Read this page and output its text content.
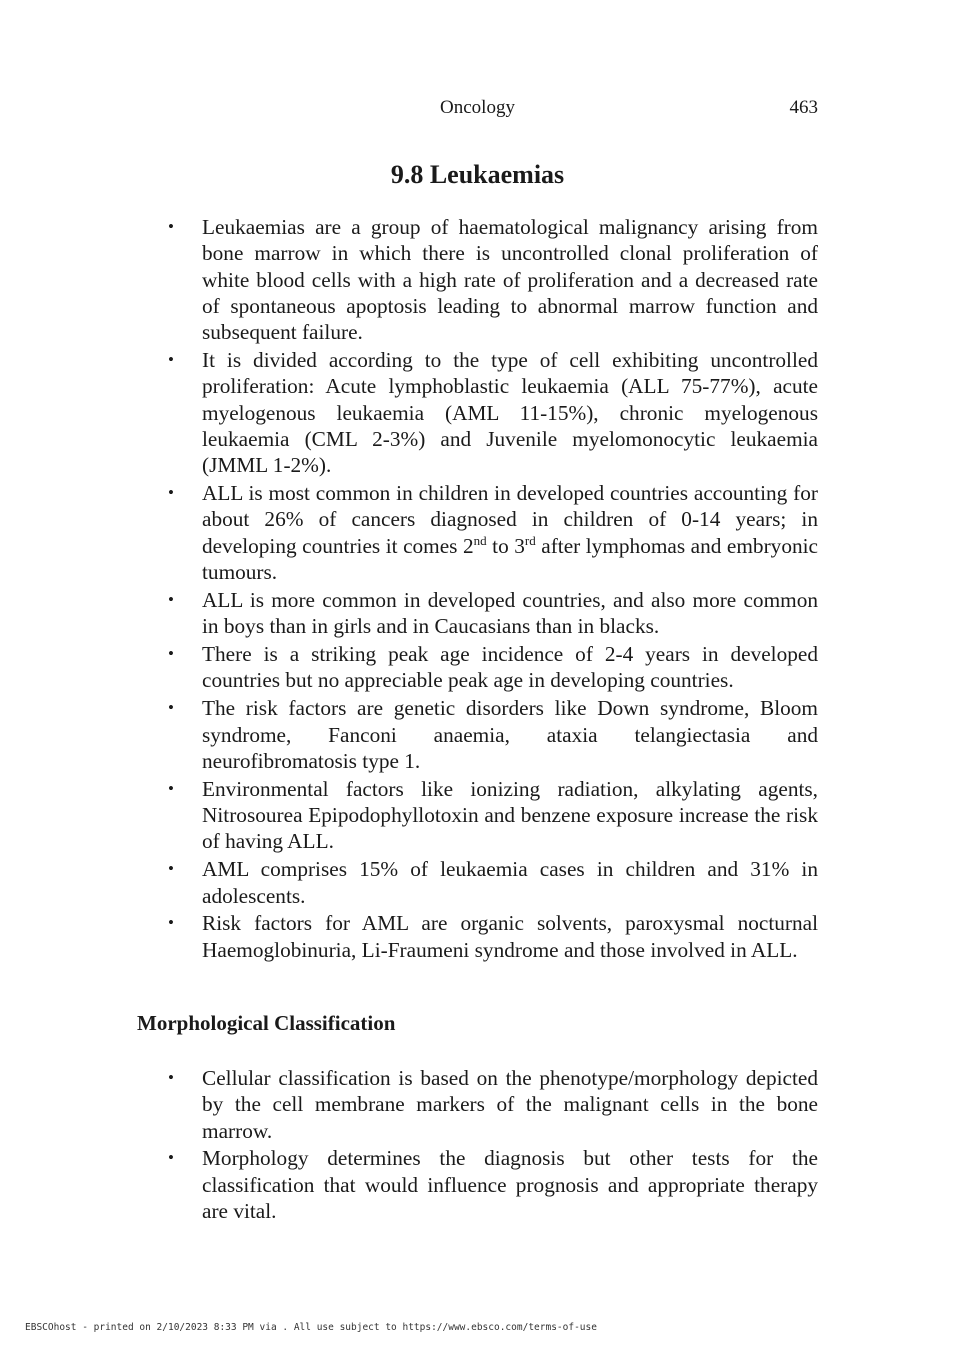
Oncology	463
9.8 Leukaemias
•	Leukaemias are a group of haematological malignancy arising from bone marrow in which there is uncontrolled clonal proliferation of white blood cells with a high rate of proliferation and a decreased rate of spontaneous apoptosis leading to abnormal marrow function and subsequent failure.
•	It is divided according to the type of cell exhibiting uncontrolled proliferation: Acute lymphoblastic leukaemia (ALL 75-77%), acute myelogenous leukaemia (AML 11-15%), chronic myelogenous leukaemia (CML 2-3%) and Juvenile myelomonocytic leukaemia (JMML 1-2%).
•	ALL is most common in children in developed countries accounting for about 26% of cancers diagnosed in children of 0-14 years; in developing countries it comes 2nd to 3rd after lymphomas and embryonic tumours.
•	ALL is more common in developed countries, and also more common in boys than in girls and in Caucasians than in blacks.
•	There is a striking peak age incidence of 2-4 years in developed countries but no appreciable peak age in developing countries.
•	The risk factors are genetic disorders like Down syndrome, Bloom syndrome, Fanconi anaemia, ataxia telangiectasia and neurofibromatosis type 1.
•	Environmental factors like ionizing radiation, alkylating agents, Nitrosourea Epipodophyllotoxin and benzene exposure increase the risk of having ALL.
•	AML comprises 15% of leukaemia cases in children and 31% in adolescents.
•	Risk factors for AML are organic solvents, paroxysmal nocturnal Haemoglobinuria, Li-Fraumeni syndrome and those involved in ALL.
Morphological Classification
•	Cellular classification is based on the phenotype/morphology depicted by the cell membrane markers of the malignant cells in the bone marrow.
•	Morphology determines the diagnosis but other tests for the classification that would influence prognosis and appropriate therapy are vital.
EBSCOhost - printed on 2/10/2023 8:33 PM via . All use subject to https://www.ebsco.com/terms-of-use
